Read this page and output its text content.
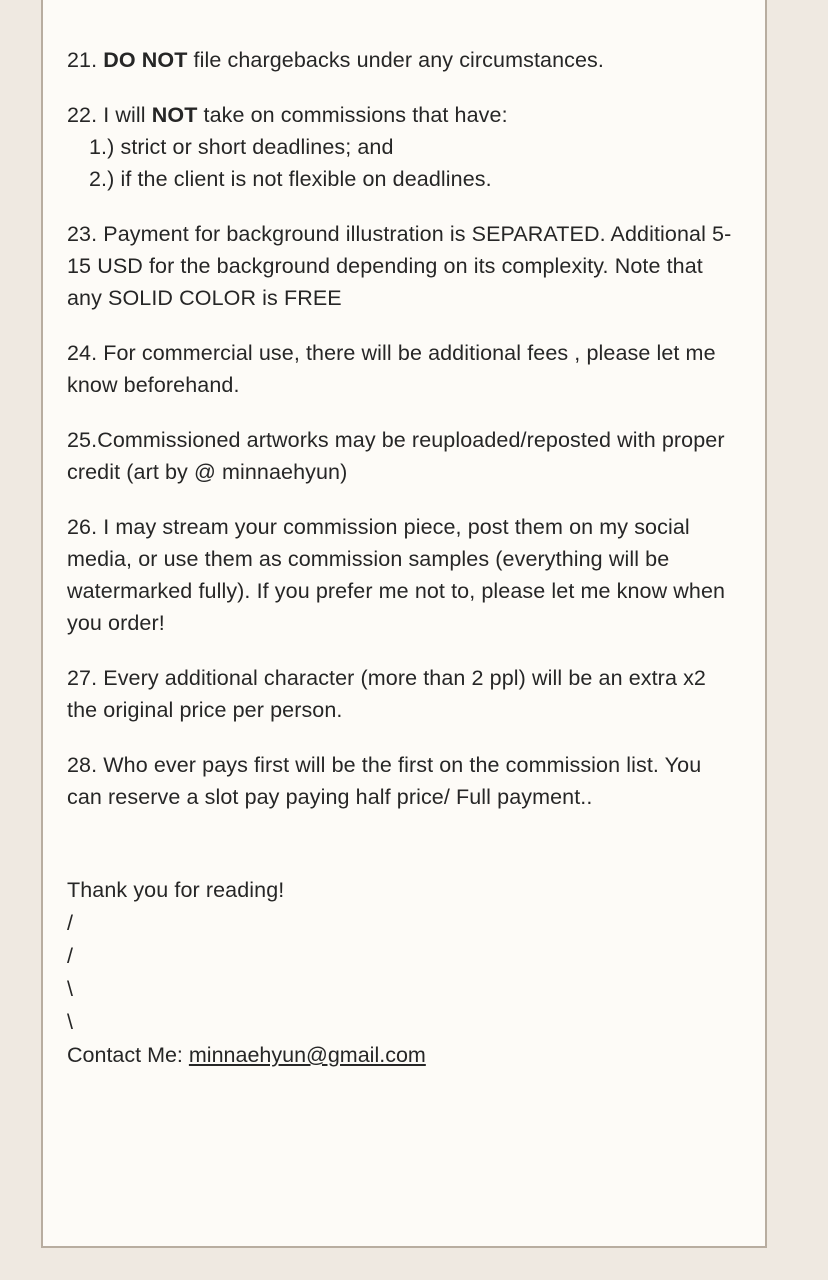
21. DO NOT file chargebacks under any circumstances.

22. I will NOT take on commissions that have:

1.) strict or short deadlines; and
2.) if the client is not flexible on deadlines.

23. Payment for background illustration is SEPARATED. Additional 5-15 USD for the background depending on its complexity. Note that any SOLID COLOR is FREE

24. For commercial use, there will be additional fees , please let me know beforehand.

25.Commissioned artworks may be reuploaded/reposted with proper credit (art by @ minnaehyun)

26. I may stream your commission piece, post them on my social media, or use them as commission samples (everything will be watermarked fully). If you prefer me not to, please let me know when you order!

27. Every additional character (more than 2 ppl) will be an extra x2 the original price per person.

28. Who ever pays first will be the first on the commission list. You can reserve a slot pay paying half price/ Full payment..

Thank you for reading!

/

/

\

\

Contact Me: minnaehyun@gmail.com
